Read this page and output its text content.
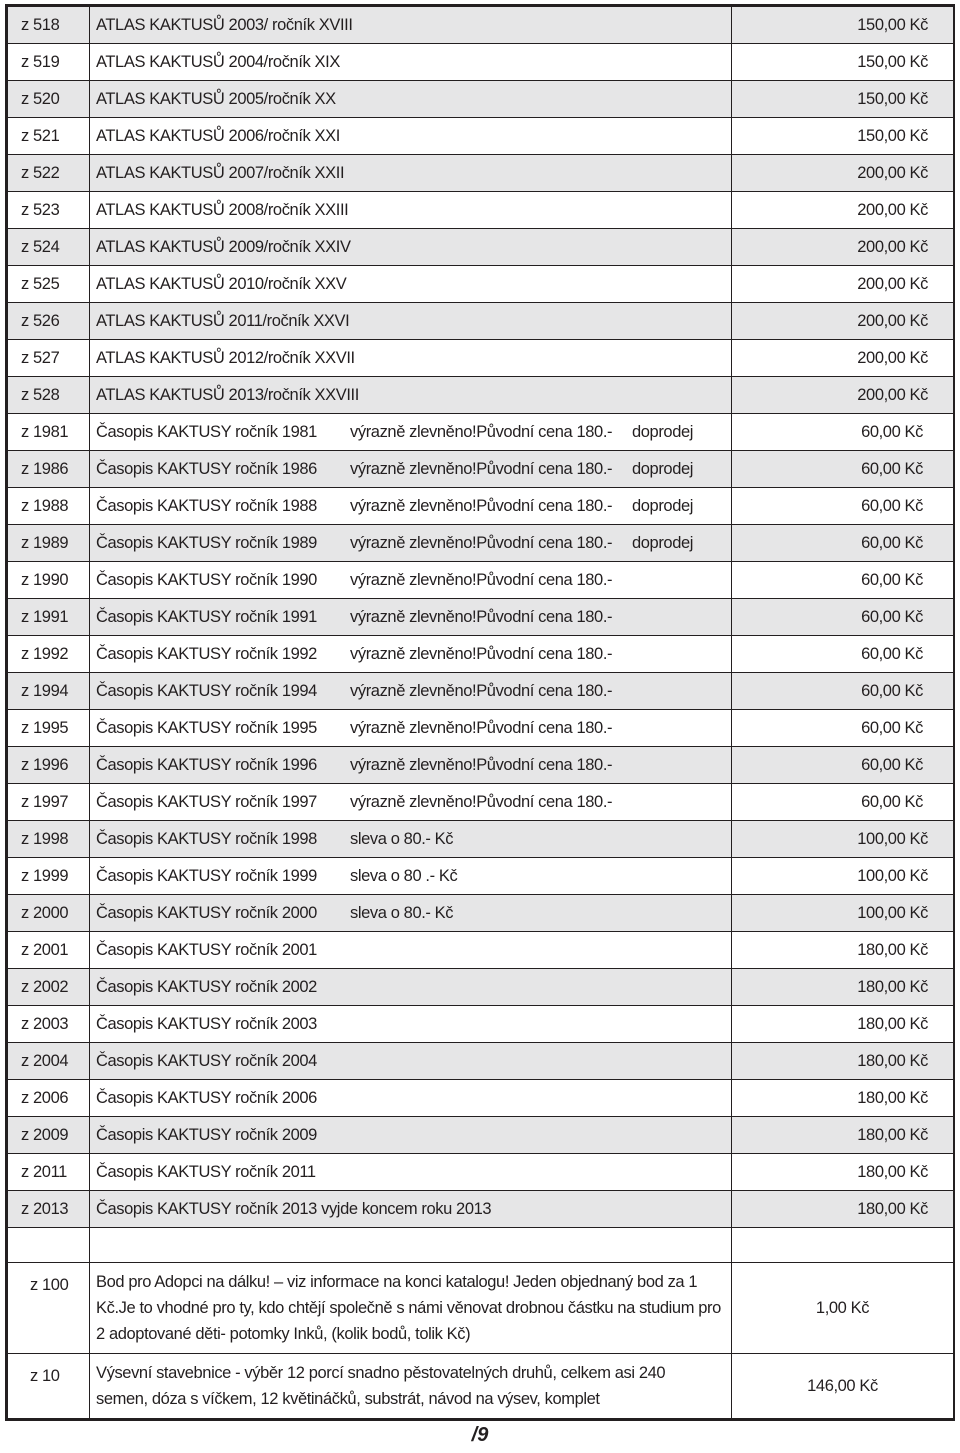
z 518	ATLAS KAKTUSŮ 2003/ ročník XVIII	150,00 Kč
z 519	ATLAS KAKTUSŮ 2004/ročník XIX	150,00 Kč
z 520	ATLAS KAKTUSŮ 2005/ročník XX	150,00 Kč
z 521	ATLAS KAKTUSŮ 2006/ročník XXI	150,00 Kč
z 522	ATLAS KAKTUSŮ 2007/ročník XXII	200,00 Kč
z 523	ATLAS KAKTUSŮ 2008/ročník XXIII	200,00 Kč
z 524	ATLAS KAKTUSŮ 2009/ročník XXIV	200,00 Kč
z 525	ATLAS KAKTUSŮ 2010/ročník XXV	200,00 Kč
z 526	ATLAS KAKTUSŮ 2011/ročník XXVI	200,00 Kč
z 527	ATLAS KAKTUSŮ 2012/ročník XXVII	200,00 Kč
z 528	ATLAS KAKTUSŮ 2013/ročník XXVIII	200,00 Kč
z 1981	Časopis KAKTUSY ročník 1981 výrazně zlevněno!Původní cena 180.- doprodej	60,00 Kč
z 1986	Časopis KAKTUSY ročník 1986 výrazně zlevněno!Původní cena 180.- doprodej	60,00 Kč
z 1988	Časopis KAKTUSY ročník 1988 výrazně zlevněno!Původní cena 180.- doprodej	60,00 Kč
z 1989	Časopis KAKTUSY ročník 1989 výrazně zlevněno!Původní cena 180.- doprodej	60,00 Kč
z 1990	Časopis KAKTUSY ročník 1990 výrazně zlevněno!Původní cena 180.-	60,00 Kč
z 1991	Časopis KAKTUSY ročník 1991 výrazně zlevněno!Původní cena 180.-	60,00 Kč
z 1992	Časopis KAKTUSY ročník 1992 výrazně zlevněno!Původní cena 180.-	60,00 Kč
z 1994	Časopis KAKTUSY ročník 1994 výrazně zlevněno!Původní cena 180.-	60,00 Kč
z 1995	Časopis KAKTUSY ročník 1995 výrazně zlevněno!Původní cena 180.-	60,00 Kč
z 1996	Časopis KAKTUSY ročník 1996 výrazně zlevněno!Původní cena 180.-	60,00 Kč
z 1997	Časopis KAKTUSY ročník 1997 výrazně zlevněno!Původní cena 180.-	60,00 Kč
z 1998	Časopis KAKTUSY ročník 1998 sleva o 80.- Kč	100,00 Kč
z 1999	Časopis KAKTUSY ročník 1999 sleva o 80 .- Kč	100,00 Kč
z 2000	Časopis KAKTUSY ročník 2000 sleva o 80.- Kč	100,00 Kč
z 2001	Časopis KAKTUSY ročník 2001	180,00 Kč
z 2002	Časopis KAKTUSY ročník 2002	180,00 Kč
z 2003	Časopis KAKTUSY ročník 2003	180,00 Kč
z 2004	Časopis KAKTUSY ročník 2004	180,00 Kč
z 2006	Časopis KAKTUSY ročník 2006	180,00 Kč
z 2009	Časopis KAKTUSY ročník 2009	180,00 Kč
z 2011	Časopis KAKTUSY ročník 2011	180,00 Kč
z 2013	Časopis KAKTUSY ročník 2013 vyjde koncem roku 2013	180,00 Kč

z 100	Bod pro Adopci na dálku! – viz informace na konci katalogu! Jeden objednaný bod za 1 Kč.Je to vhodné pro ty, kdo chtějí společně s námi věnovat drobnou částku na studium pro 2 adoptované děti- potomky Inků, (kolik bodů, tolik Kč)	1,00 Kč
z 10	Výsevní stavebnice - výběr 12 porcí snadno pěstovatelných druhů, celkem asi 240 semen, dóza s víčkem, 12 květináčků, substrát, návod na výsev, komplet	146,00 Kč
/9
